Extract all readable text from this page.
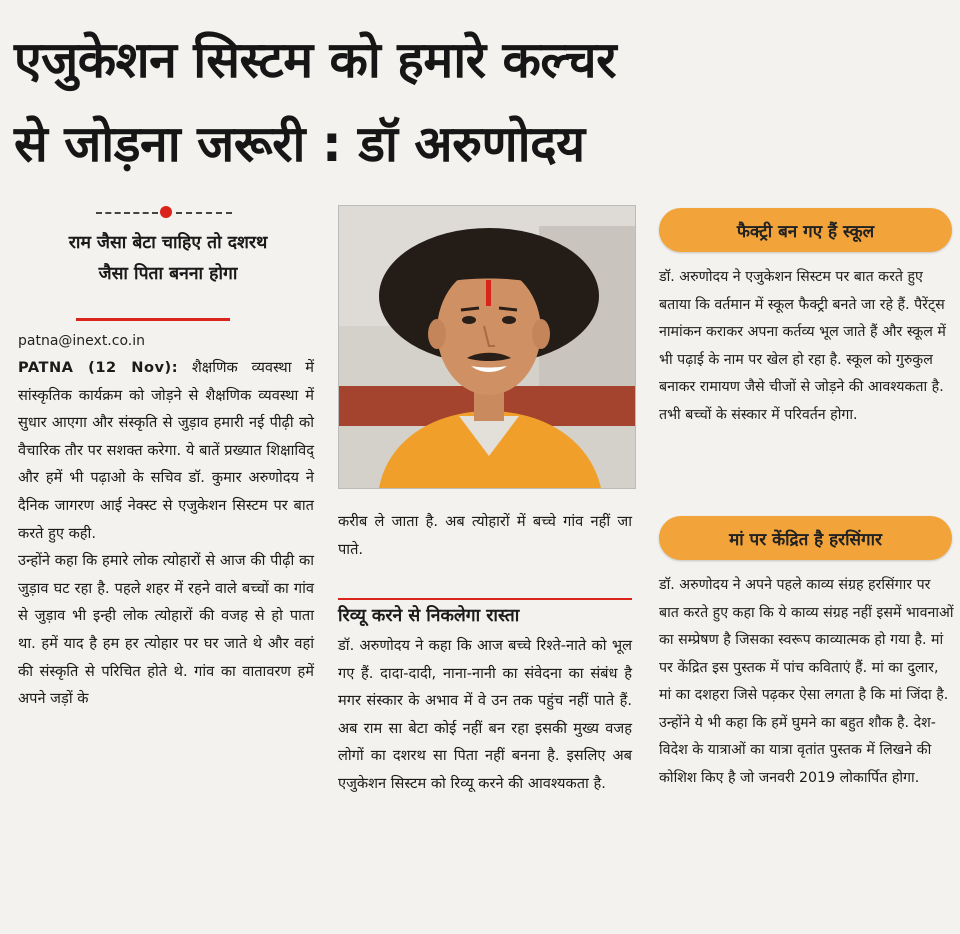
एजुकेशन सिस्टम को हमारे कल्चर
से जोड़ना जरूरी : डॉ अरुणोदय
राम जैसा बेटा चाहिए तो दशरथ
जैसा पिता बनना होगा
patna@inext.co.in

PATNA (12 Nov): शैक्षणिक व्यवस्था में सांस्कृतिक कार्यक्रम को जोड़ने से शैक्षणिक व्यवस्था में सुधार आएगा और संस्कृति से जुड़ाव हमारी नई पीढ़ी को वैचारिक तौर पर सशक्त करेगा. ये बातें प्रख्यात शिक्षाविद् और हमें भी पढ़ाओ के सचिव डॉ. कुमार अरुणोदय ने दैनिक जागरण आई नेक्स्ट से एजुकेशन सिस्टम पर बात करते हुए कही.
उन्होंने कहा कि हमारे लोक त्योहारों से आज की पीढ़ी का जुड़ाव घट रहा है. पहले शहर में रहने वाले बच्चों का गांव से जुड़ाव भी इन्ही लोक त्योहारों की वजह से हो पाता था. हमें याद है हम हर त्योहार पर घर जाते थे और वहां की संस्कृति से परिचित होते थे. गांव का वातावरण हमें अपने जड़ों के

करीब ले जाता है. अब त्योहारों में बच्चे गांव नहीं जा पाते.

रिव्यू करने से निकलेगा रास्ता

डॉ. अरुणोदय ने कहा कि आज बच्चे रिश्ते-नाते को भूल गए हैं. दादा-दादी, नाना-नानी का संवेदना का संबंध है मगर संस्कार के अभाव में वे उन तक पहुंच नहीं पाते हैं. अब राम सा बेटा कोई नहीं बन रहा इसकी मुख्य वजह लोगों का दशरथ सा पिता नहीं बनना है. इसलिए अब एजुकेशन सिस्टम को रिव्यू करने की आवश्यकता है.

फैक्ट्री बन गए हैं स्कूल

डॉ. अरुणोदय ने एजुकेशन सिस्टम पर बात करते हुए बताया कि वर्तमान में स्कूल फैक्ट्री बनते जा रहे हैं. पैरेंट्स नामांकन कराकर अपना कर्तव्य भूल जाते हैं और स्कूल में भी पढ़ाई के नाम पर खेल हो रहा है. स्कूल को गुरुकुल बनाकर रामायण जैसे चीजों से जोड़ने की आवश्यकता है. तभी बच्चों के संस्कार में परिवर्तन होगा.

मां पर केंद्रित है हरसिंगार

डॉ. अरुणोदय ने अपने पहले काव्य संग्रह हरसिंगार पर बात करते हुए कहा कि ये काव्य संग्रह नहीं इसमें भावनाओं का सम्प्रेषण है जिसका स्वरूप काव्यात्मक हो गया है. मां पर केंद्रित इस पुस्तक में पांच कविताएं हैं. मां का दुलार, मां का दशहरा जिसे पढ़कर ऐसा लगता है कि मां जिंदा है. उन्होंने ये भी कहा कि हमें घुमने का बहुत शौक है. देश-विदेश के यात्राओं का यात्रा वृतांत पुस्तक में लिखने की कोशिश किए है जो जनवरी 2019 लोकार्पित होगा.
